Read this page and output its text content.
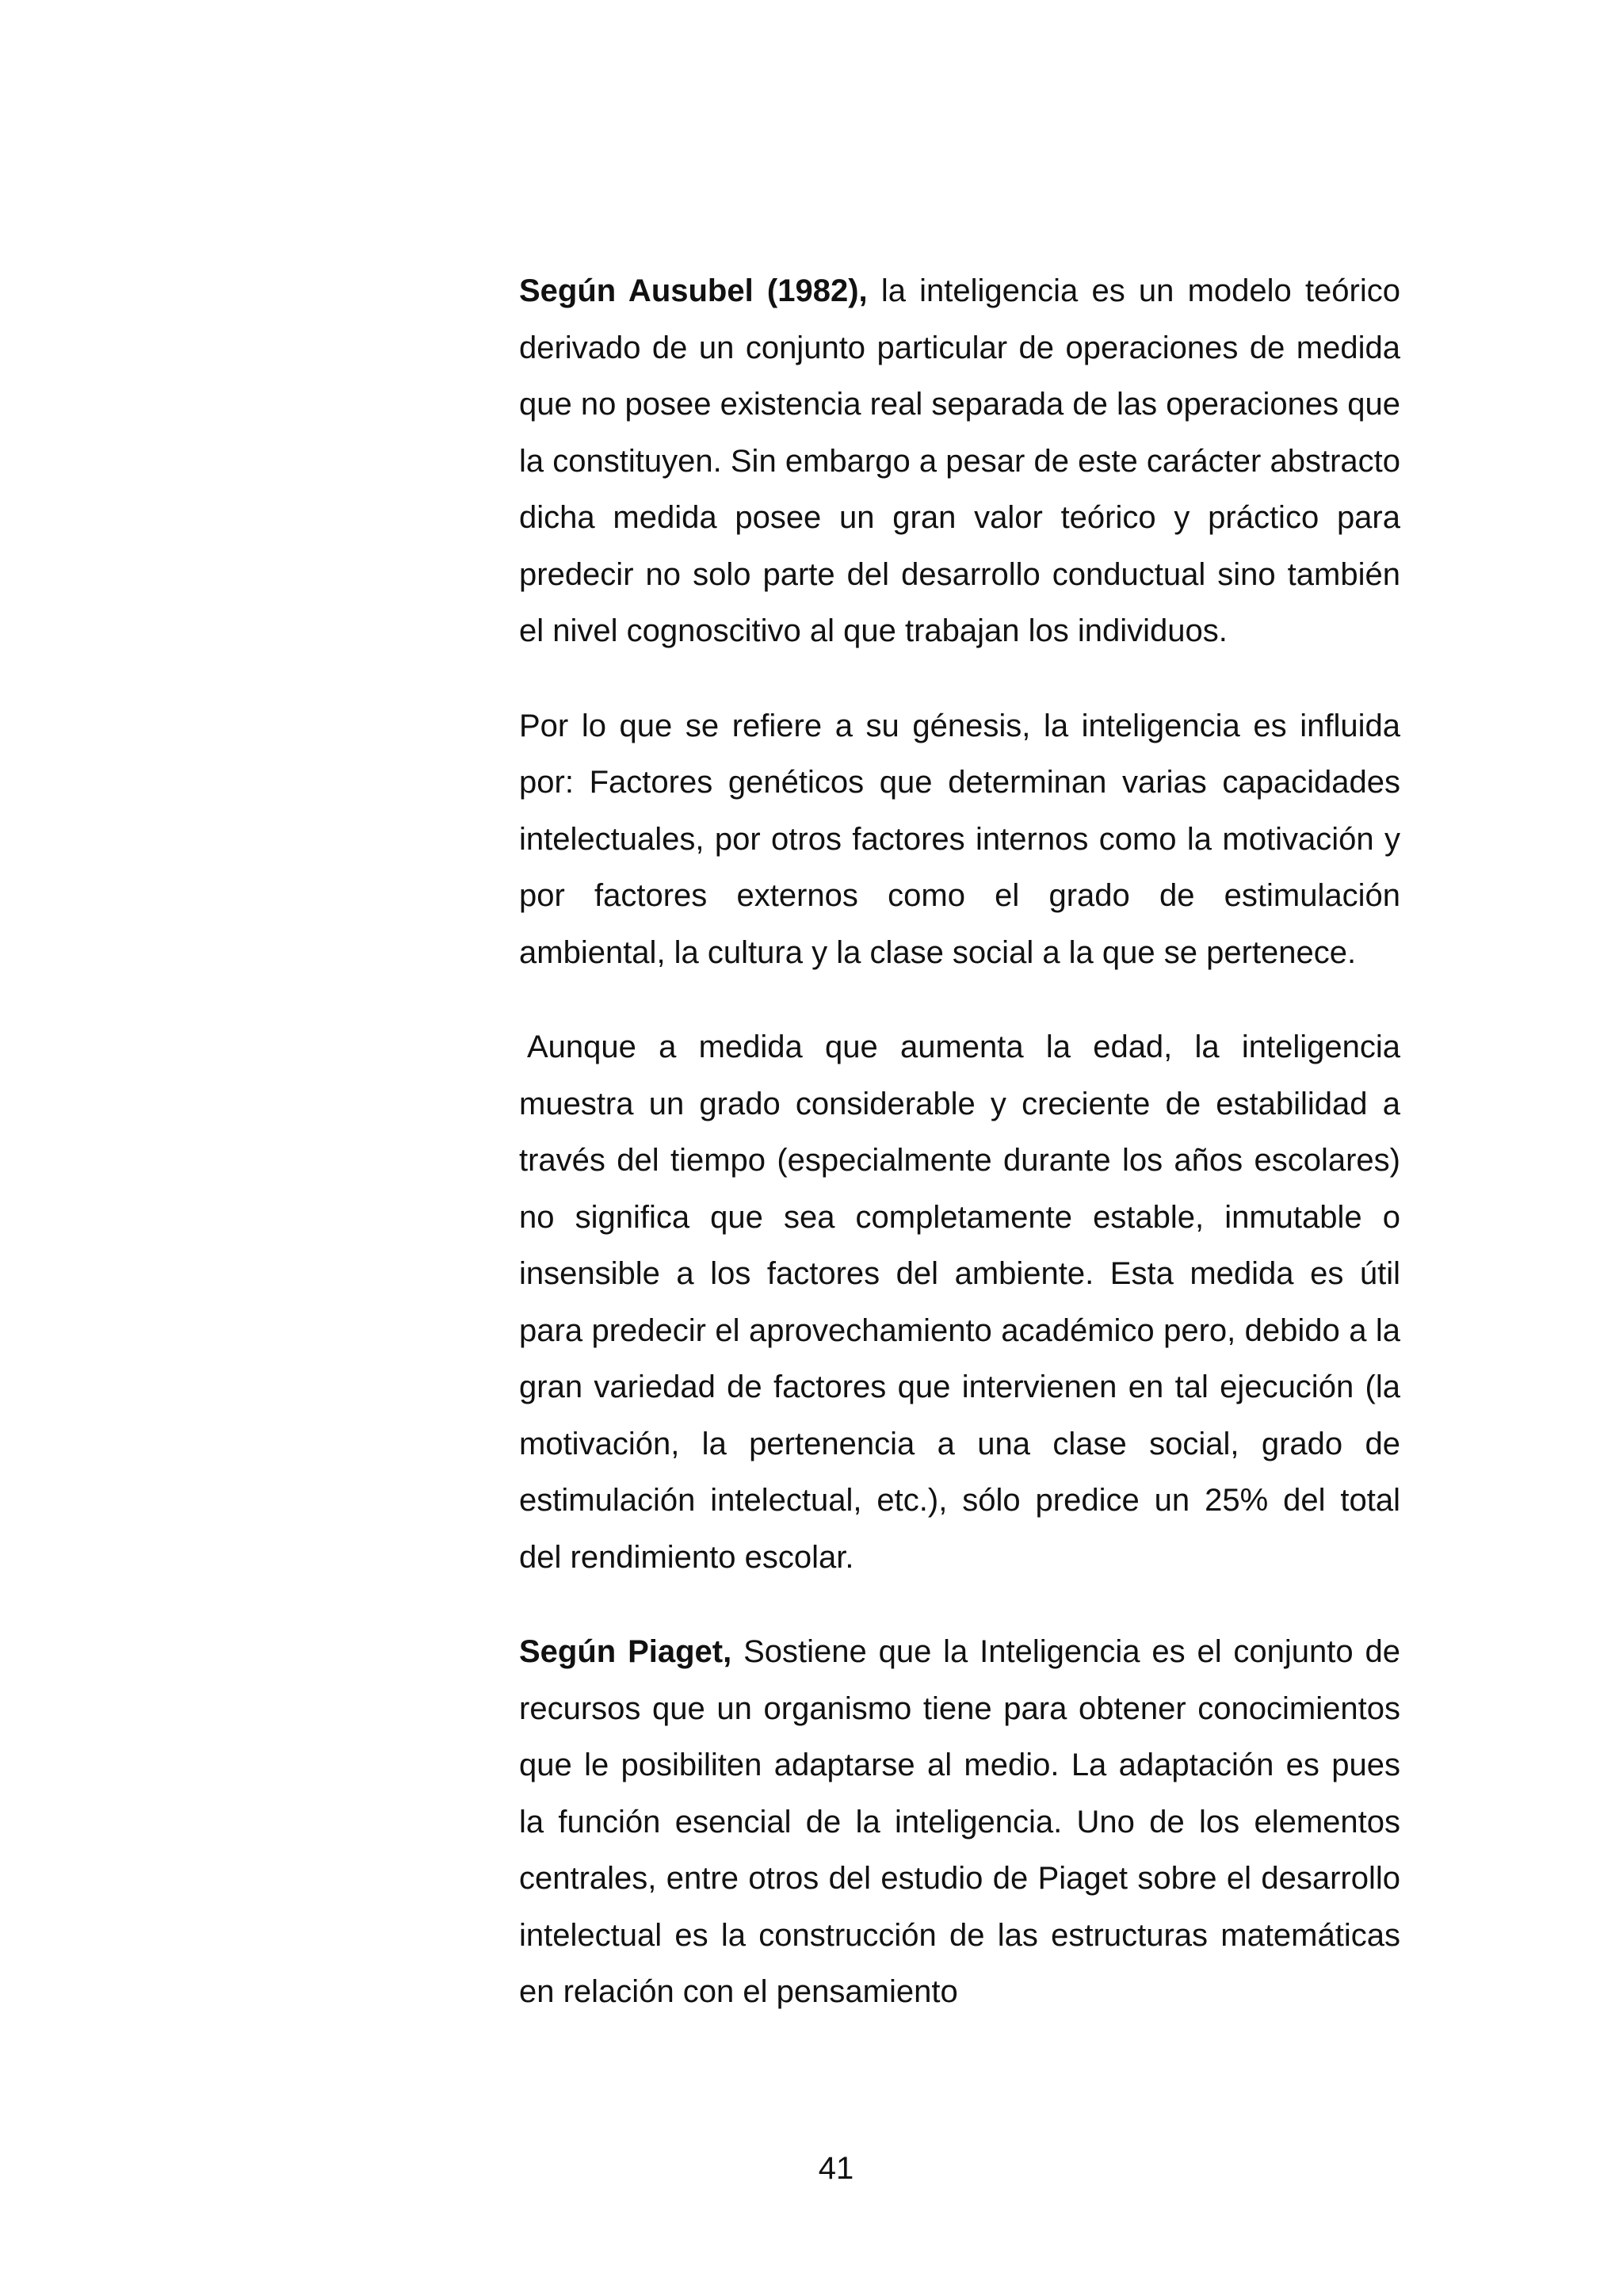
Según Ausubel (1982), la inteligencia es un modelo teórico derivado de un conjunto particular de operaciones de medida que no posee existencia real separada de las operaciones que la constituyen. Sin embargo a pesar de este carácter abstracto dicha medida posee un gran valor teórico y práctico para predecir no solo parte del desarrollo conductual sino también el nivel cognoscitivo al que trabajan los individuos.

Por lo que se refiere a su génesis, la inteligencia es influida por: Factores genéticos que determinan varias capacidades intelectuales, por otros factores internos como la motivación y por factores externos como el grado de estimulación ambiental, la cultura y la clase social a la que se pertenece.

Aunque a medida que aumenta la edad, la inteligencia muestra un grado considerable y creciente de estabilidad a través del tiempo (especialmente durante los años escolares) no significa que sea completamente estable, inmutable o insensible a los factores del ambiente. Esta medida es útil para predecir el aprovechamiento académico pero, debido a la gran variedad de factores que intervienen en tal ejecución (la motivación, la pertenencia a una clase social, grado de estimulación intelectual, etc.), sólo predice un 25% del total del rendimiento escolar.

Según Piaget, Sostiene que la Inteligencia es el conjunto de recursos que un organismo tiene para obtener conocimientos que le posibiliten adaptarse al medio. La adaptación es pues la función esencial de la inteligencia. Uno de los elementos centrales, entre otros del estudio de Piaget sobre el desarrollo intelectual es la construcción de las estructuras matemáticas en relación con el pensamiento

41
